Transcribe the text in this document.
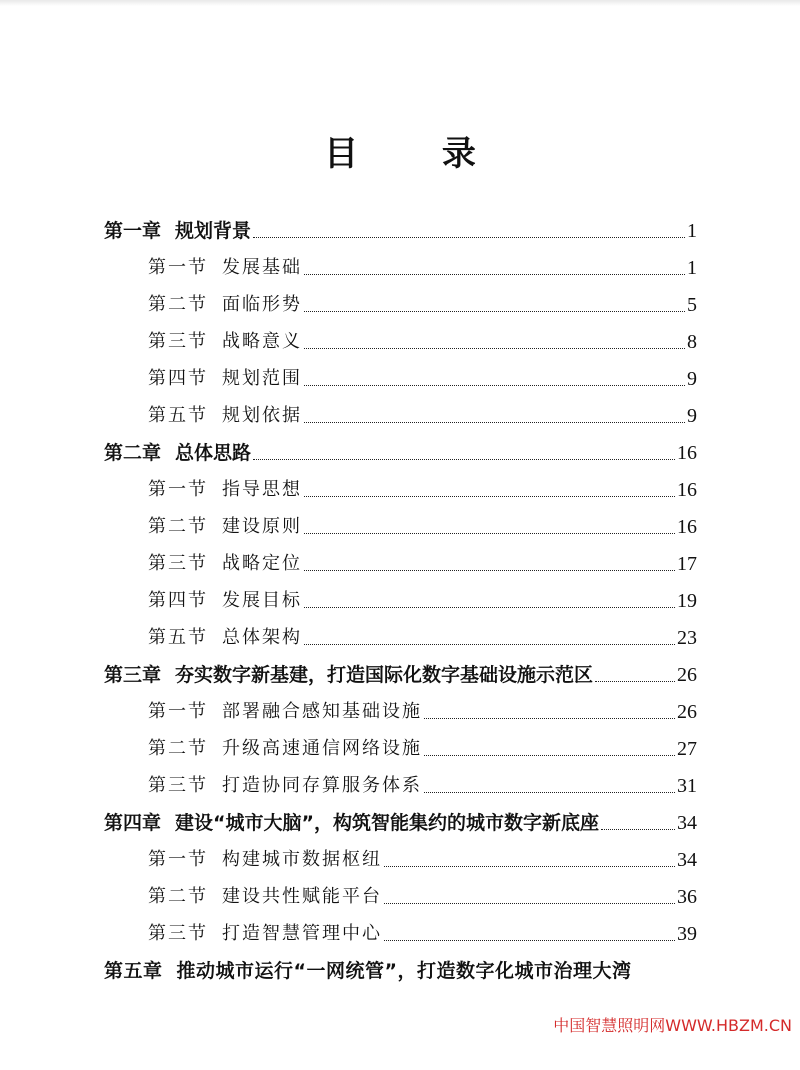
目 录
第一章 规划背景	1
第一节 发展基础	1
第二节 面临形势	5
第三节 战略意义	8
第四节 规划范围	9
第五节 规划依据	9
第二章 总体思路	16
第一节 指导思想	16
第二节 建设原则	16
第三节 战略定位	17
第四节 发展目标	19
第五节 总体架构	23
第三章 夯实数字新基建，打造国际化数字基础设施示范区	26
第一节 部署融合感知基础设施	26
第二节 升级高速通信网络设施	27
第三节 打造协同存算服务体系	31
第四章 建设“城市大脑”，构筑智能集约的城市数字新底座	34
第一节 构建城市数据枢纽	34
第二节 建设共性赋能平台	36
第三节 打造智慧管理中心	39
第五章 推动城市运行“一网统管”，打造数字化城市治理大湾
中国智慧照明网WWW.HBZM.CN
